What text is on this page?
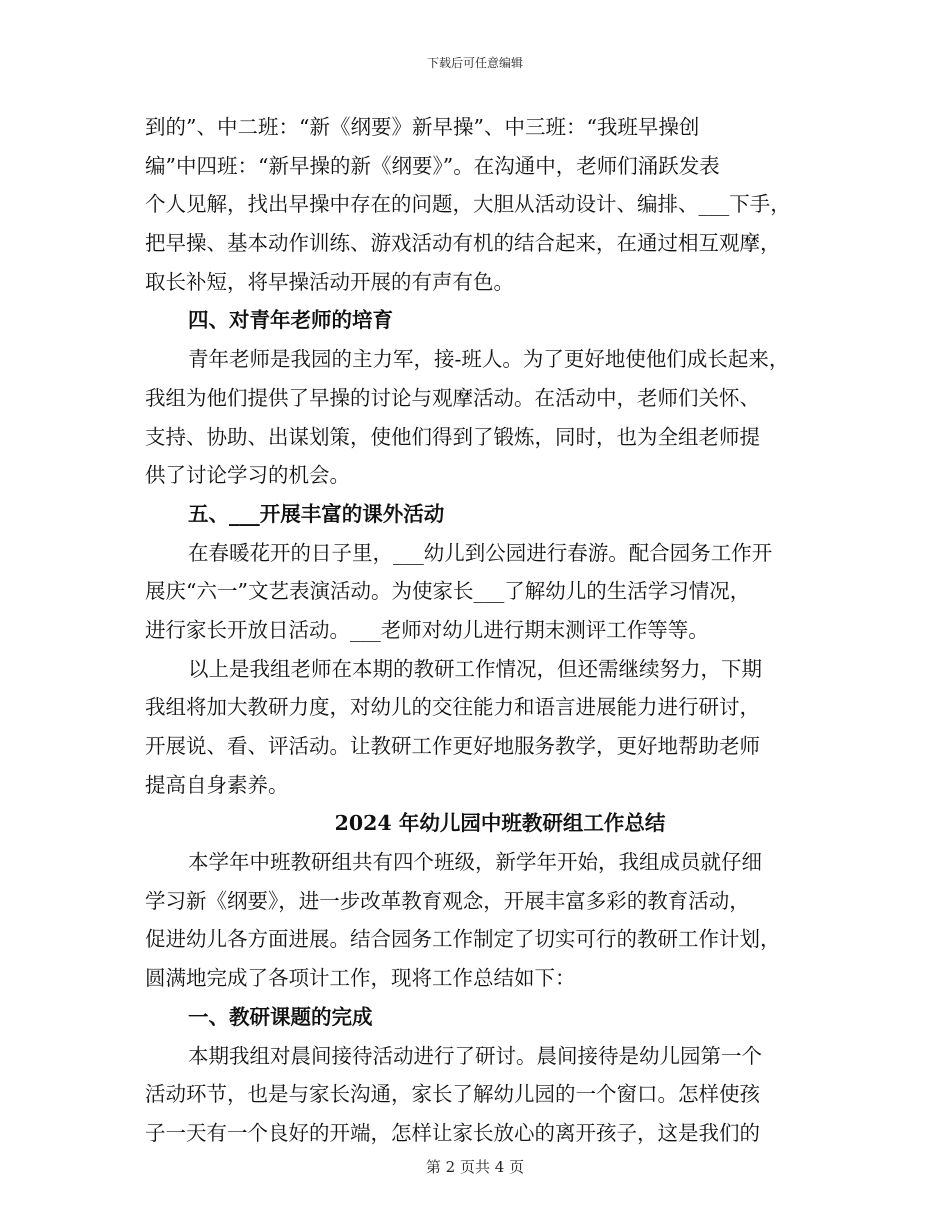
下载后可任意编辑
到的”、中二班：“新《纲要》新早操”、中三班：“我班早操创
编”中四班：“新早操的新《纲要》”。在沟通中，老师们涌跃发表
个人见解，找出早操中存在的问题，大胆从活动设计、编排、___下手，
把早操、基本动作训练、游戏活动有机的结合起来，在通过相互观摩，
取长补短，将早操活动开展的有声有色。
四、对青年老师的培育
青年老师是我园的主力军，接-班人。为了更好地使他们成长起来，
我组为他们提供了早操的讨论与观摩活动。在活动中，老师们关怀、
支持、协助、出谋划策，使他们得到了锻炼，同时，也为全组老师提
供了讨论学习的机会。
五、___开展丰富的课外活动
在春暖花开的日子里，___幼儿到公园进行春游。配合园务工作开
展庆“六一”文艺表演活动。为使家长___了解幼儿的生活学习情况，
进行家长开放日活动。___老师对幼儿进行期末测评工作等等。
以上是我组老师在本期的教研工作情况，但还需继续努力，下期
我组将加大教研力度，对幼儿的交往能力和语言进展能力进行研讨，
开展说、看、评活动。让教研工作更好地服务教学，更好地帮助老师
提高自身素养。
2024 年幼儿园中班教研组工作总结
本学年中班教研组共有四个班级，新学年开始，我组成员就仔细
学习新《纲要》，进一步改革教育观念，开展丰富多彩的教育活动，
促进幼儿各方面进展。结合园务工作制定了切实可行的教研工作计划，
圆满地完成了各项计工作，现将工作总结如下：
一、教研课题的完成
本期我组对晨间接待活动进行了研讨。晨间接待是幼儿园第一个
活动环节，也是与家长沟通，家长了解幼儿园的一个窗口。怎样使孩
子一天有一个良好的开端，怎样让家长放心的离开孩子，这是我们的
第 2 页共 4 页
